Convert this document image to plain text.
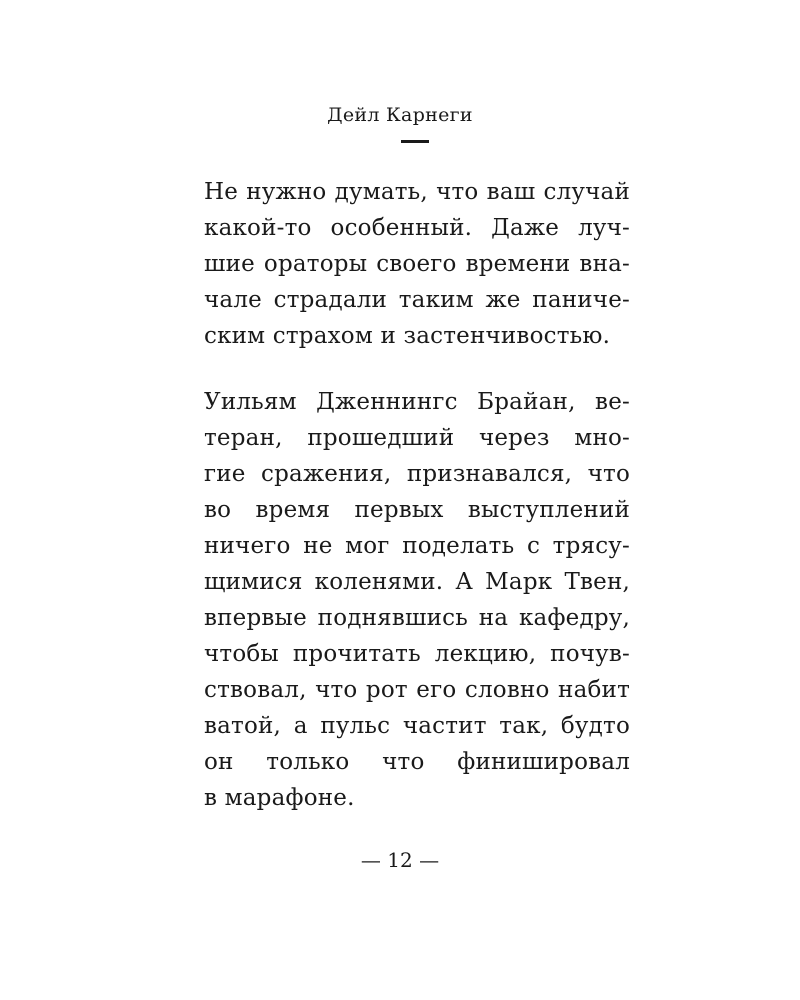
Дейл Карнеги
Не нужно думать, что ваш случай
какой-то особенный. Даже луч-
шие ораторы своего времени вна-
чале страдали таким же паниче-
ским страхом и застенчивостью.
Уильям Дженнингс Брайан, ве-
теран, прошедший через мно-
гие сражения, признавался, что
во время первых выступлений
ничего не мог поделать с трясу-
щимися коленями. А Марк Твен,
впервые поднявшись на кафедру,
чтобы прочитать лекцию, почув-
ствовал, что рот его словно набит
ватой, а пульс частит так, будто
он только что финишировал
в марафоне.
— 12 —
